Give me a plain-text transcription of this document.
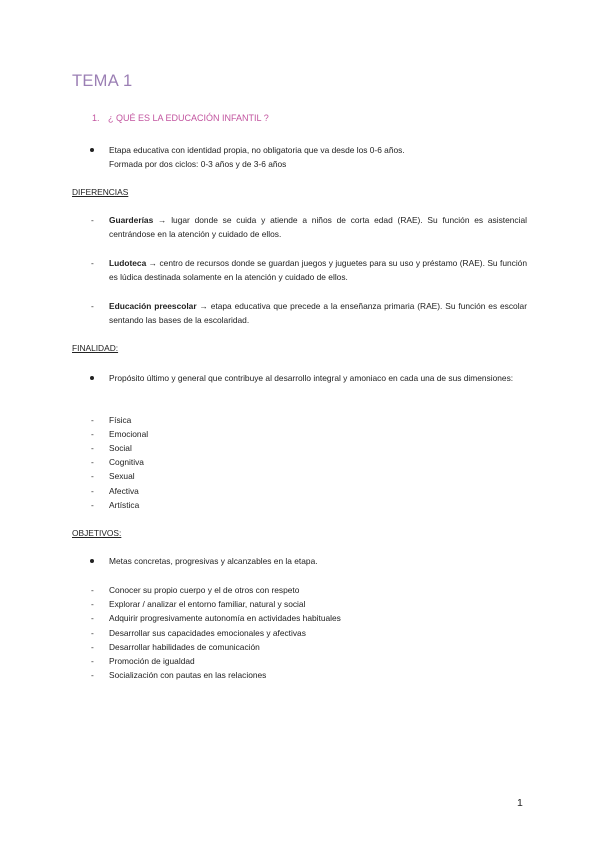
TEMA 1
1. ¿ QUÉ ES LA EDUCACIÓN INFANTIL ?
Etapa educativa con identidad propia, no obligatoria que va desde los 0-6 años.
Formada por dos ciclos: 0-3 años y de 3-6 años
DIFERENCIAS
- Guarderías → lugar donde se cuida y atiende a niños de corta edad (RAE). Su función es asistencial centrándose en la atención y cuidado de ellos.
- Ludoteca → centro de recursos donde se guardan juegos y juguetes para su uso y préstamo (RAE). Su función es lúdica destinada solamente en la atención y cuidado de ellos.
- Educación preescolar → etapa educativa que precede a la enseñanza primaria (RAE). Su función es escolar sentando las bases de la escolaridad.
FINALIDAD:
Propósito último y general que contribuye al desarrollo integral y amoniaco en cada una de sus dimensiones:
- Física
- Emocional
- Social
- Cognitiva
- Sexual
- Afectiva
- Artística
OBJETIVOS:
Metas concretas, progresivas y alcanzables en la etapa.
- Conocer su propio cuerpo y el de otros con respeto
- Explorar / analizar el entorno familiar, natural y social
- Adquirir progresivamente autonomía en actividades habituales
- Desarrollar sus capacidades emocionales y afectivas
- Desarrollar habilidades de comunicación
- Promoción de igualdad
- Socialización con pautas en las relaciones
1
